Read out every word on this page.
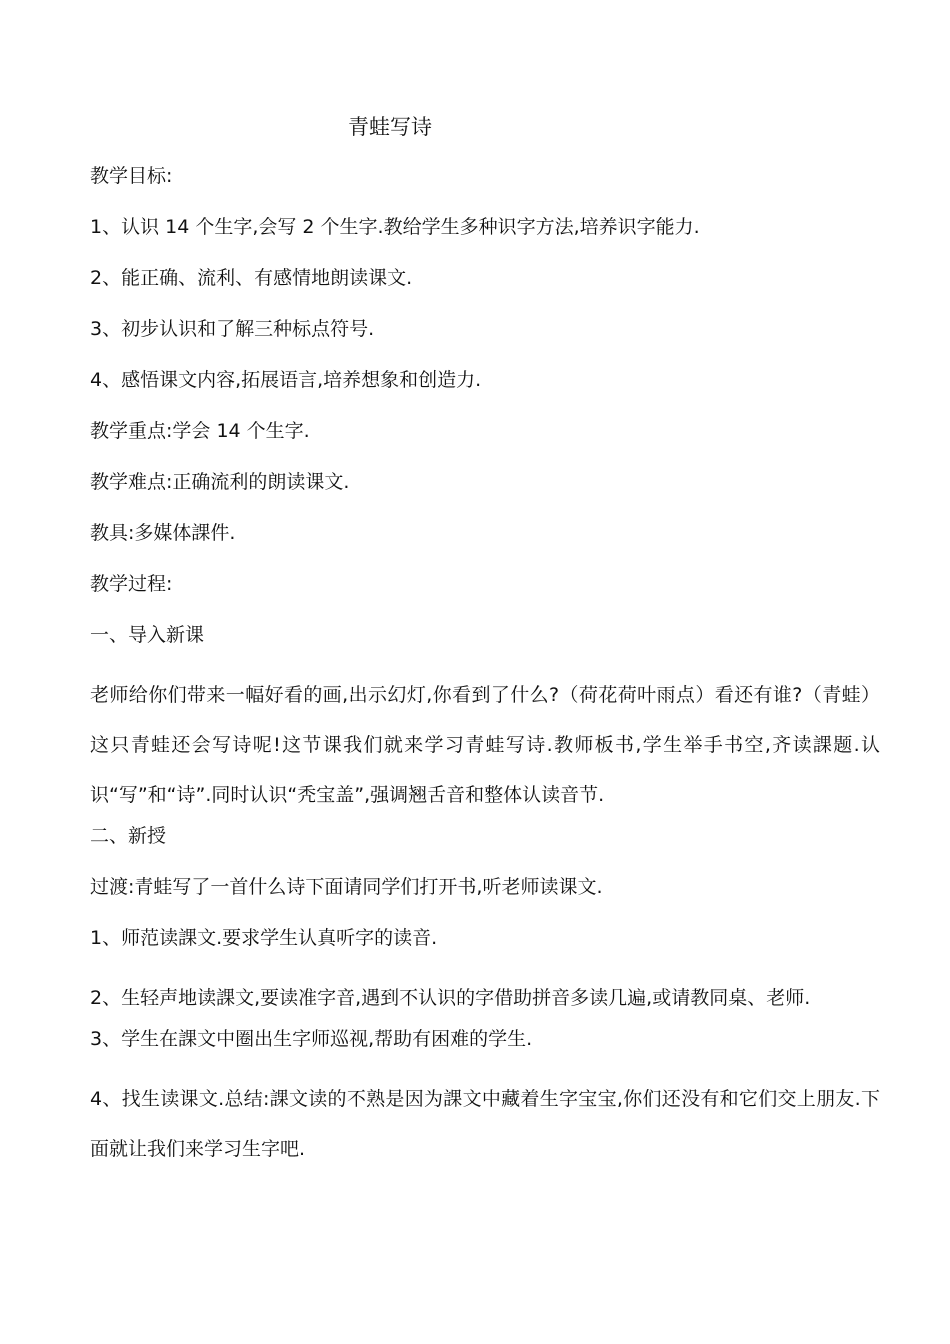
青蛙写诗
教学目标:
1、认识 14 个生字,会写 2 个生字.教给学生多种识字方法,培养识字能力.
2、能正确、流利、有感情地朗读课文.
3、初步认识和了解三种标点符号.
4、感悟课文内容,拓展语言,培养想象和创造力.
教学重点:学会 14 个生字.
教学难点:正确流利的朗读课文.
教具:多媒体課件.
教学过程:
一、导入新课
老师给你们带来一幅好看的画,出示幻灯,你看到了什么?（荷花荷叶雨点）看还有谁?（青蛙）这只青蛙还会写诗呢!这节课我们就来学习青蛙写诗.教师板书,学生举手书空,齐读課题.认识“写”和“诗”.同时认识“秃宝盖”,强调翘舌音和整体认读音节.
二、新授
过渡:青蛙写了一首什么诗下面请同学们打开书,听老师读课文.
1、师范读課文.要求学生认真听字的读音.
2、生轻声地读課文,要读准字音,遇到不认识的字借助拼音多读几遍,或请教同桌、老师.
3、学生在課文中圈出生字师巡视,帮助有困难的学生.
4、找生读课文.总结:課文读的不熟是因为課文中藏着生字宝宝,你们还没有和它们交上朋友.下面就让我们来学习生字吧.
